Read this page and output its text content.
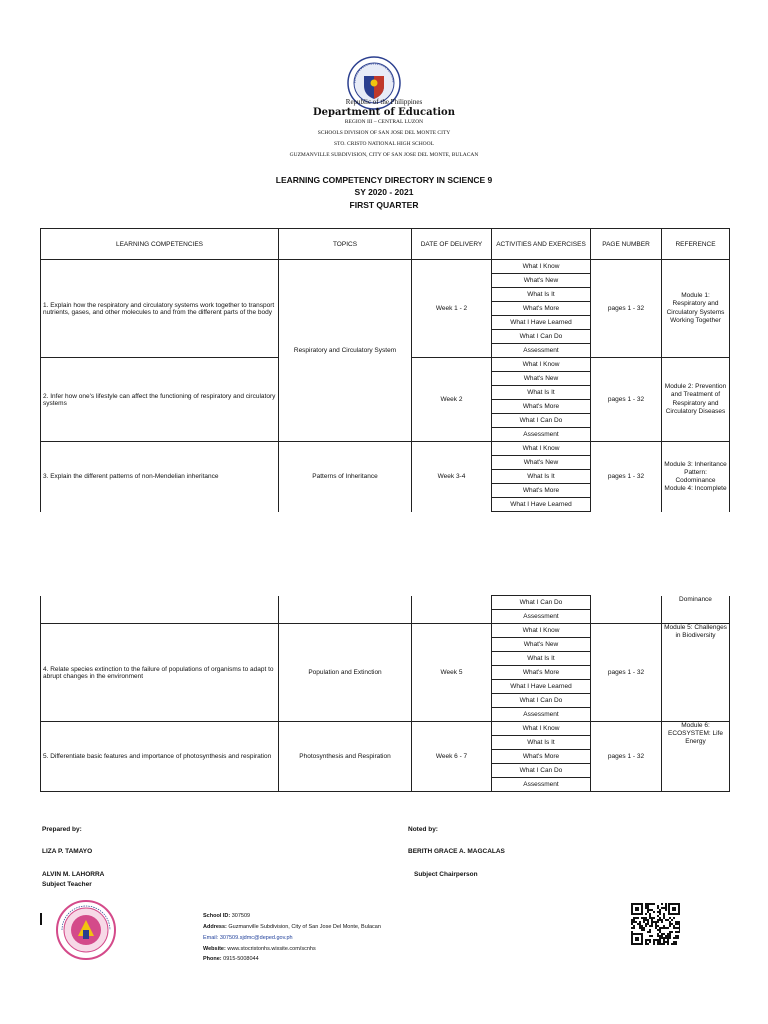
Republic of the Philippines
Department of Education
REGION III – CENTRAL LUZON
SCHOOLS DIVISION OF SAN JOSE DEL MONTE CITY
STO. CRISTO NATIONAL HIGH SCHOOL
GUZMANVILLE SUBDIVISION, CITY OF SAN JOSE DEL MONTE, BULACAN
LEARNING COMPETENCY DIRECTORY IN SCIENCE 9
SY 2020 - 2021
FIRST QUARTER
LEARNING COMPETENCIES	TOPICS	DATE OF DELIVERY	ACTIVITIES AND EXERCISES	PAGE NUMBER	REFERENCE
1. Explain how the respiratory and circulatory systems work together to transport nutrients, gases, and other molecules to and from the different parts of the body	Respiratory and Circulatory System	Week 1 - 2	What I Know	pages 1 - 32	Module 1: Respiratory and Circulatory Systems Working Together
			What's New		
			What Is It		
			What's More		
			What I Have Learned		
			What I Can Do		
			Assessment		
2. Infer how one's lifestyle can affect the functioning of respiratory and circulatory systems		Week 2	What I Know	pages 1 - 32	Module 2: Prevention and Treatment of Respiratory and Circulatory Diseases
			What's New		
			What Is It		
			What's More		
			What I Can Do		
			Assessment		
3. Explain the different patterns of non-Mendelian inheritance	Patterns of Inheritance	Week 3-4	What I Know	pages 1 - 32	Module 3: Inheritance Pattern: Codominance Module 4: Incomplete
			What's New		
			What Is It		
			What's More		
			What I Have Learned		
			What I Can Do		Dominance
			Assessment		
4. Relate species extinction to the failure of populations of organisms to adapt to abrupt changes in the environment	Population and Extinction	Week 5	What I Know	pages 1 - 32	Module 5: Challenges in Biodiversity
			What's New		
			What Is It		
			What's More		
			What I Have Learned		
			What I Can Do		
			Assessment		
5. Differentiate basic features and importance of photosynthesis and respiration	Photosynthesis and Respiration	Week 6 - 7	What I Know	pages 1 - 32	Module 6: ECOSYSTEM: Life Energy
			What Is It		
			What's More		
			What I Can Do		
			Assessment		
Prepared by:
LIZA P. TAMAYO
ALVIN M. LAHORRA
Subject Teacher
Noted by:
BERITH GRACE A. MAGCALAS
Subject Chairperson
School ID: 307509
Address: Guzmanville Subdivision, City of San Jose Del Monte, Bulacan
Email: 307509.sjdmc@deped.gov.ph
Website: www.stocristonhs.wixsite.com/scnhs
Phone: 0915-5008044
